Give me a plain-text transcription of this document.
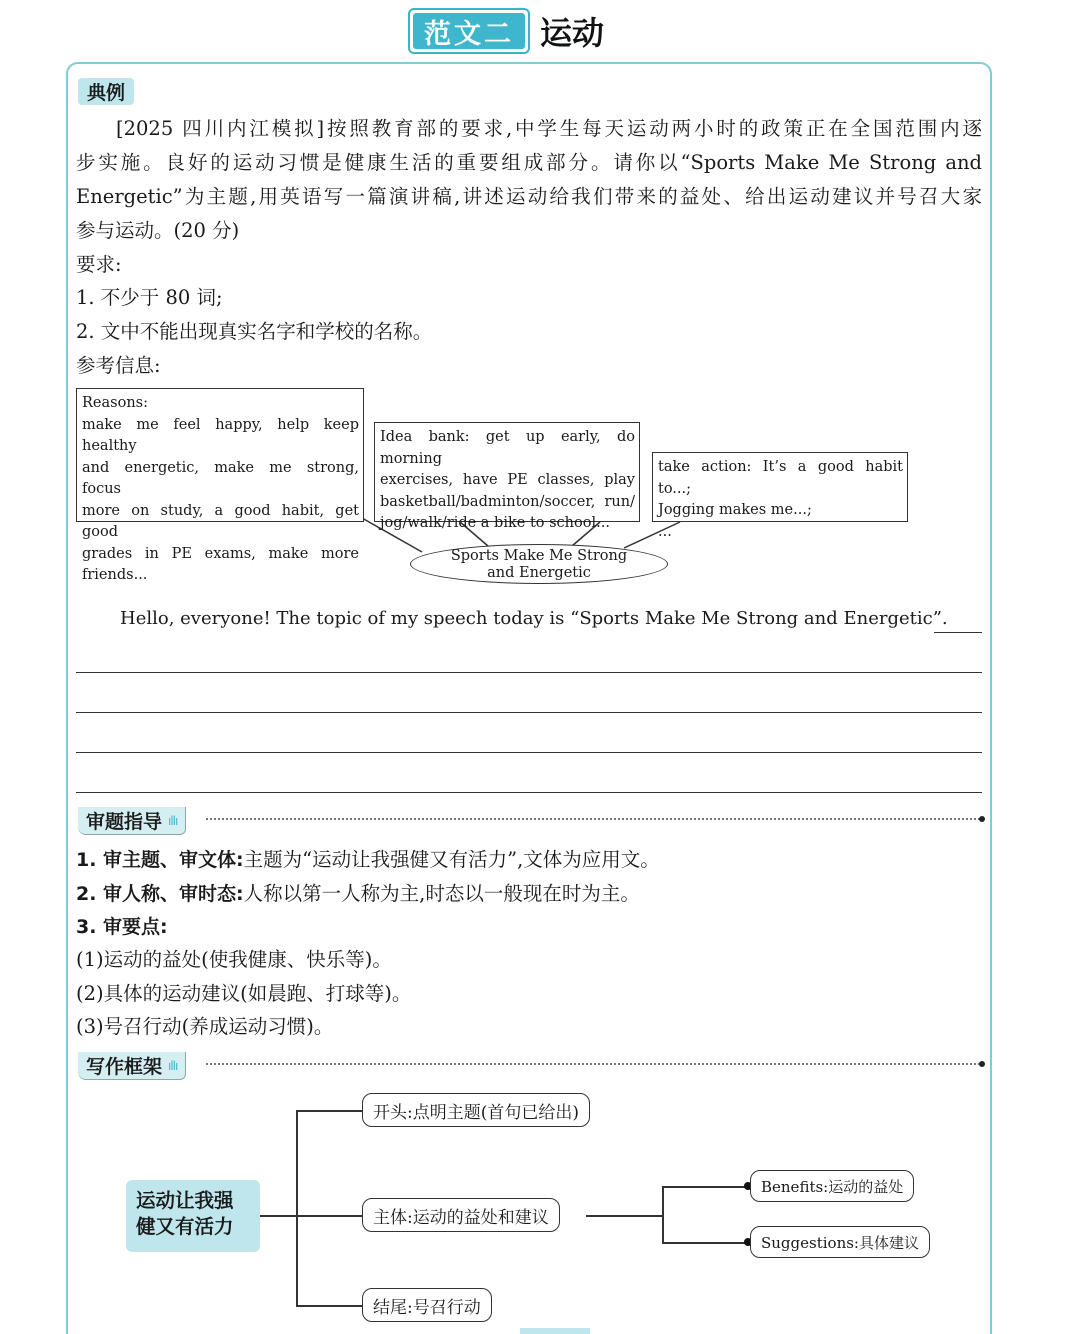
范文二 运动
典例
[2025 四川内江模拟]按照教育部的要求,中学生每天运动两小时的政策正在全国范围内逐
步实施。良好的运动习惯是健康生活的重要组成部分。请你以“Sports Make Me Strong and
Energetic”为主题,用英语写一篇演讲稿,讲述运动给我们带来的益处、给出运动建议并号召大家
参与运动。(20 分)
要求:
1. 不少于 80 词;
2. 文中不能出现真实名字和学校的名称。
参考信息:
Reasons:
make me feel happy, help keep healthy
and energetic, make me strong, focus
more on study, a good habit, get good
grades in PE exams, make more
friends...
Idea bank: get up early, do morning
exercises, have PE classes, play
basketball/badminton/soccer, run/
jog/walk/ride a bike to school...
take action: It’s a good habit to...;
Jogging makes me...;
...
Sports Make Me Strong
and Energetic
Hello, everyone! The topic of my speech today is “Sports Make Me Strong and Energetic”.
审题指导 ıllı
1. 审主题、审文体:主题为“运动让我强健又有活力”,文体为应用文。
2. 审人称、审时态:人称以第一人称为主,时态以一般现在时为主。
3. 审要点:
(1)运动的益处(使我健康、快乐等)。
(2)具体的运动建议(如晨跑、打球等)。
(3)号召行动(养成运动习惯)。
写作框架 ıllı
运动让我强
健又有活力
开头:点明主题(首句已给出)
主体:运动的益处和建议
结尾:号召行动
Benefits:运动的益处
Suggestions:具体建议
